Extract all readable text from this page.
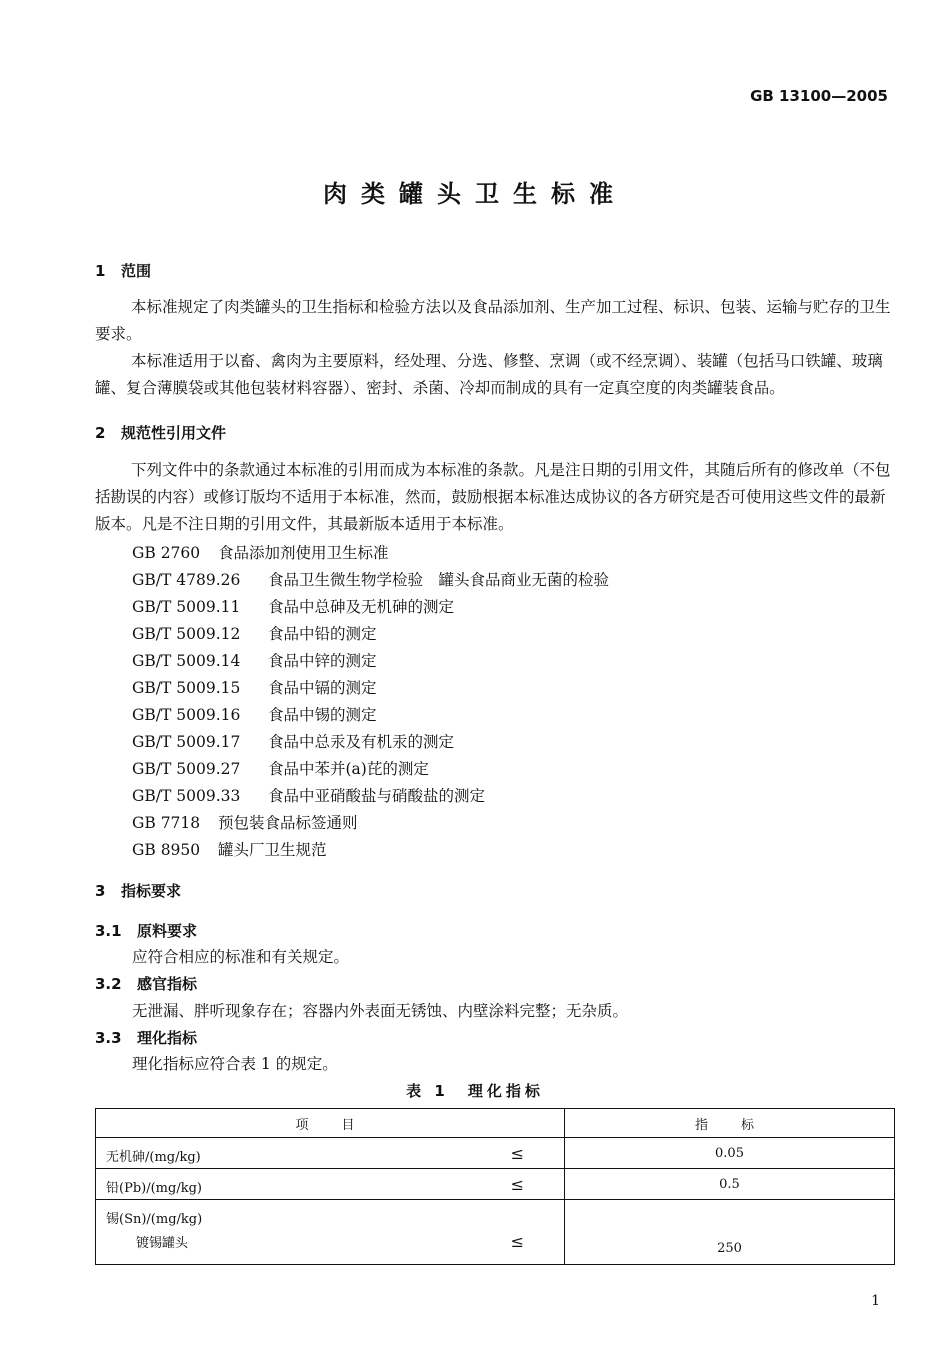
GB 13100—2005
肉类罐头卫生标准
1 范围
本标准规定了肉类罐头的卫生指标和检验方法以及食品添加剂、生产加工过程、标识、包装、运输与贮存的卫生要求。
本标准适用于以畜、禽肉为主要原料，经处理、分选、修整、烹调（或不经烹调）、装罐（包括马口铁罐、玻璃罐、复合薄膜袋或其他包装材料容器）、密封、杀菌、冷却而制成的具有一定真空度的肉类罐装食品。
2 规范性引用文件
下列文件中的条款通过本标准的引用而成为本标准的条款。凡是注日期的引用文件，其随后所有的修改单（不包括勘误的内容）或修订版均不适用于本标准，然而，鼓励根据本标准达成协议的各方研究是否可使用这些文件的最新版本。凡是不注日期的引用文件，其最新版本适用于本标准。
GB 2760 食品添加剂使用卫生标准
GB/T 4789.26 食品卫生微生物学检验　罐头食品商业无菌的检验
GB/T 5009.11 食品中总砷及无机砷的测定
GB/T 5009.12 食品中铅的测定
GB/T 5009.14 食品中锌的测定
GB/T 5009.15 食品中镉的测定
GB/T 5009.16 食品中锡的测定
GB/T 5009.17 食品中总汞及有机汞的测定
GB/T 5009.27 食品中苯并(a)芘的测定
GB/T 5009.33 食品中亚硝酸盐与硝酸盐的测定
GB 7718 预包装食品标签通则
GB 8950 罐头厂卫生规范
3 指标要求
3.1 原料要求
应符合相应的标准和有关规定。
3.2 感官指标
无泄漏、胖听现象存在；容器内外表面无锈蚀、内壁涂料完整；无杂质。
3.3 理化指标
理化指标应符合表 1 的规定。
表 1　理化指标
项　目	指　标

无机砷/(mg/kg) ≤	0.05

铅(Pb)/(mg/kg) ≤	0.5

锡(Sn)/(mg/kg)
镀锡罐头 ≤	250
1
